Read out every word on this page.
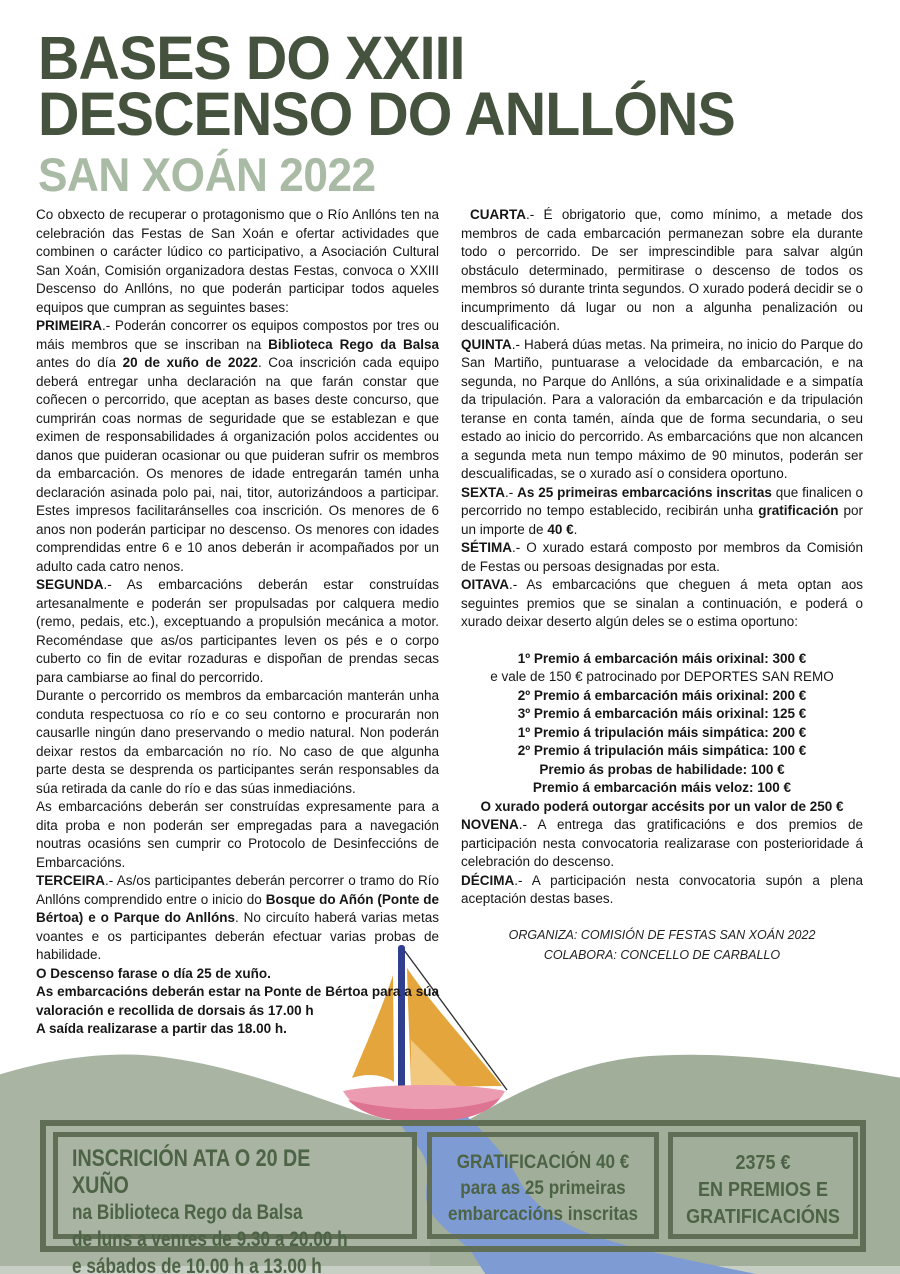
BASES DO XXIII
DESCENSO DO ANLLÓNS
SAN XOÁN 2022

Co obxecto de recuperar o protagonismo que o Río Anllóns ten na celebración das Festas de San Xoán e ofertar actividades que combinen o carácter lúdico co participativo, a Asociación Cultural San Xoán, Comisión organizadora destas Festas, convoca o XXIII Descenso do Anllóns, no que poderán participar todos aqueles equipos que cumpran as seguintes bases:

PRIMEIRA.- Poderán concorrer os equipos compostos por tres ou máis membros que se inscriban na Biblioteca Rego da Balsa antes do día 20 de xuño de 2022. Coa inscrición cada equipo deberá entregar unha declaración na que farán constar que coñecen o percorrido, que aceptan as bases deste concurso, que cumprirán coas normas de seguridade que se establezan e que eximen de responsabilidades á organización polos accidentes ou danos que puideran ocasionar ou que puideran sufrir os membros da embarcación. Os menores de idade entregarán tamén unha declaración asinada polo pai, nai, titor, autorizándoos a participar. Estes impresos facilitaránselles coa inscrición. Os menores de 6 anos non poderán participar no descenso. Os menores con idades comprendidas entre 6 e 10 anos deberán ir acompañados por un adulto cada catro nenos.

SEGUNDA.- As embarcacións deberán estar construídas artesanalmente e poderán ser propulsadas por calquera medio (remo, pedais, etc.), exceptuando a propulsión mecánica a motor. Recoméndase que as/os participantes leven os pés e o corpo cuberto co fin de evitar rozaduras e dispoñan de prendas secas para cambiarse ao final do percorrido.

Durante o percorrido os membros da embarcación manterán unha conduta respectuosa co río e co seu contorno e procurarán non causarlle ningún dano preservando o medio natural. Non poderán deixar restos da embarcación no río. No caso de que algunha parte desta se desprenda os participantes serán responsables da súa retirada da canle do río e das súas inmediacións.

As embarcacións deberán ser construídas expresamente para a dita proba e non poderán ser empregadas para a navegación noutras ocasións sen cumprir co Protocolo de Desinfeccións de Embarcacións.

TERCEIRA.- As/os participantes deberán percorrer o tramo do Río Anllóns comprendido entre o inicio do Bosque do Añón (Ponte de Bértoa) e o Parque do Anllóns. No circuíto haberá varias metas voantes e os participantes deberán efectuar varias probas de habilidade.

O Descenso farase o día 25 de xuño.

As embarcacións deberán estar na Ponte de Bértoa para a súa valoración e recollida de dorsais ás 17.00 h

A saída realizarase a partir das 18.00 h.

CUARTA.- É obrigatorio que, como mínimo, a metade dos membros de cada embarcación permanezan sobre ela durante todo o percorrido. De ser imprescindible para salvar algún obstáculo determinado, permitirase o descenso de todos os membros só durante trinta segundos. O xurado poderá decidir se o incumprimento dá lugar ou non a algunha penalización ou descualificación.

QUINTA.- Haberá dúas metas. Na primeira, no inicio do Parque do San Martiño, puntuarase a velocidade da embarcación, e na segunda, no Parque do Anllóns, a súa orixinalidade e a simpatía da tripulación. Para a valoración da embarcación e da tripulación teranse en conta tamén, aínda que de forma secundaria, o seu estado ao inicio do percorrido. As embarcacións que non alcancen a segunda meta nun tempo máximo de 90 minutos, poderán ser descualificadas, se o xurado así o considera oportuno.

SEXTA.- As 25 primeiras embarcacións inscritas que finalicen o percorrido no tempo establecido, recibirán unha gratificación por un importe de 40 €.

SÉTIMA.- O xurado estará composto por membros da Comisión de Festas ou persoas designadas por esta.

OITAVA.- As embarcacións que cheguen á meta optan aos seguintes premios que se sinalan a continuación, e poderá o xurado deixar deserto algún deles se o estima oportuno:

1º Premio á embarcación máis orixinal: 300 €

e vale de 150 € patrocinado por DEPORTES SAN REMO

2º Premio á embarcación máis orixinal: 200 €

3º Premio á embarcación máis orixinal: 125 €

1º Premio á tripulación máis simpática: 200 €

2º Premio á tripulación máis simpática: 100 €

Premio ás probas de habilidade: 100 €

Premio á embarcación máis veloz: 100 €

O xurado poderá outorgar accésits por un valor de 250 €

NOVENA.- A entrega das gratificacións e dos premios de participación nesta convocatoria realizarase con posterioridade á celebración do descenso.

DÉCIMA.- A participación nesta convocatoria supón a plena aceptación destas bases.

ORGANIZA: COMISIÓN DE FESTAS SAN XOÁN 2022
COLABORA: CONCELLO DE CARBALLO
INSCRICIÓN ATA O 20 DE XUÑO
na Biblioteca Rego da Balsa
de luns a venres de 9.30 a 20.00 h
e sábados de 10.00 h a 13.00 h
GRATIFICACIÓN 40 €
para as 25 primeiras
embarcacións inscritas
2375 €
EN PREMIOS E
GRATIFICACIÓNS
